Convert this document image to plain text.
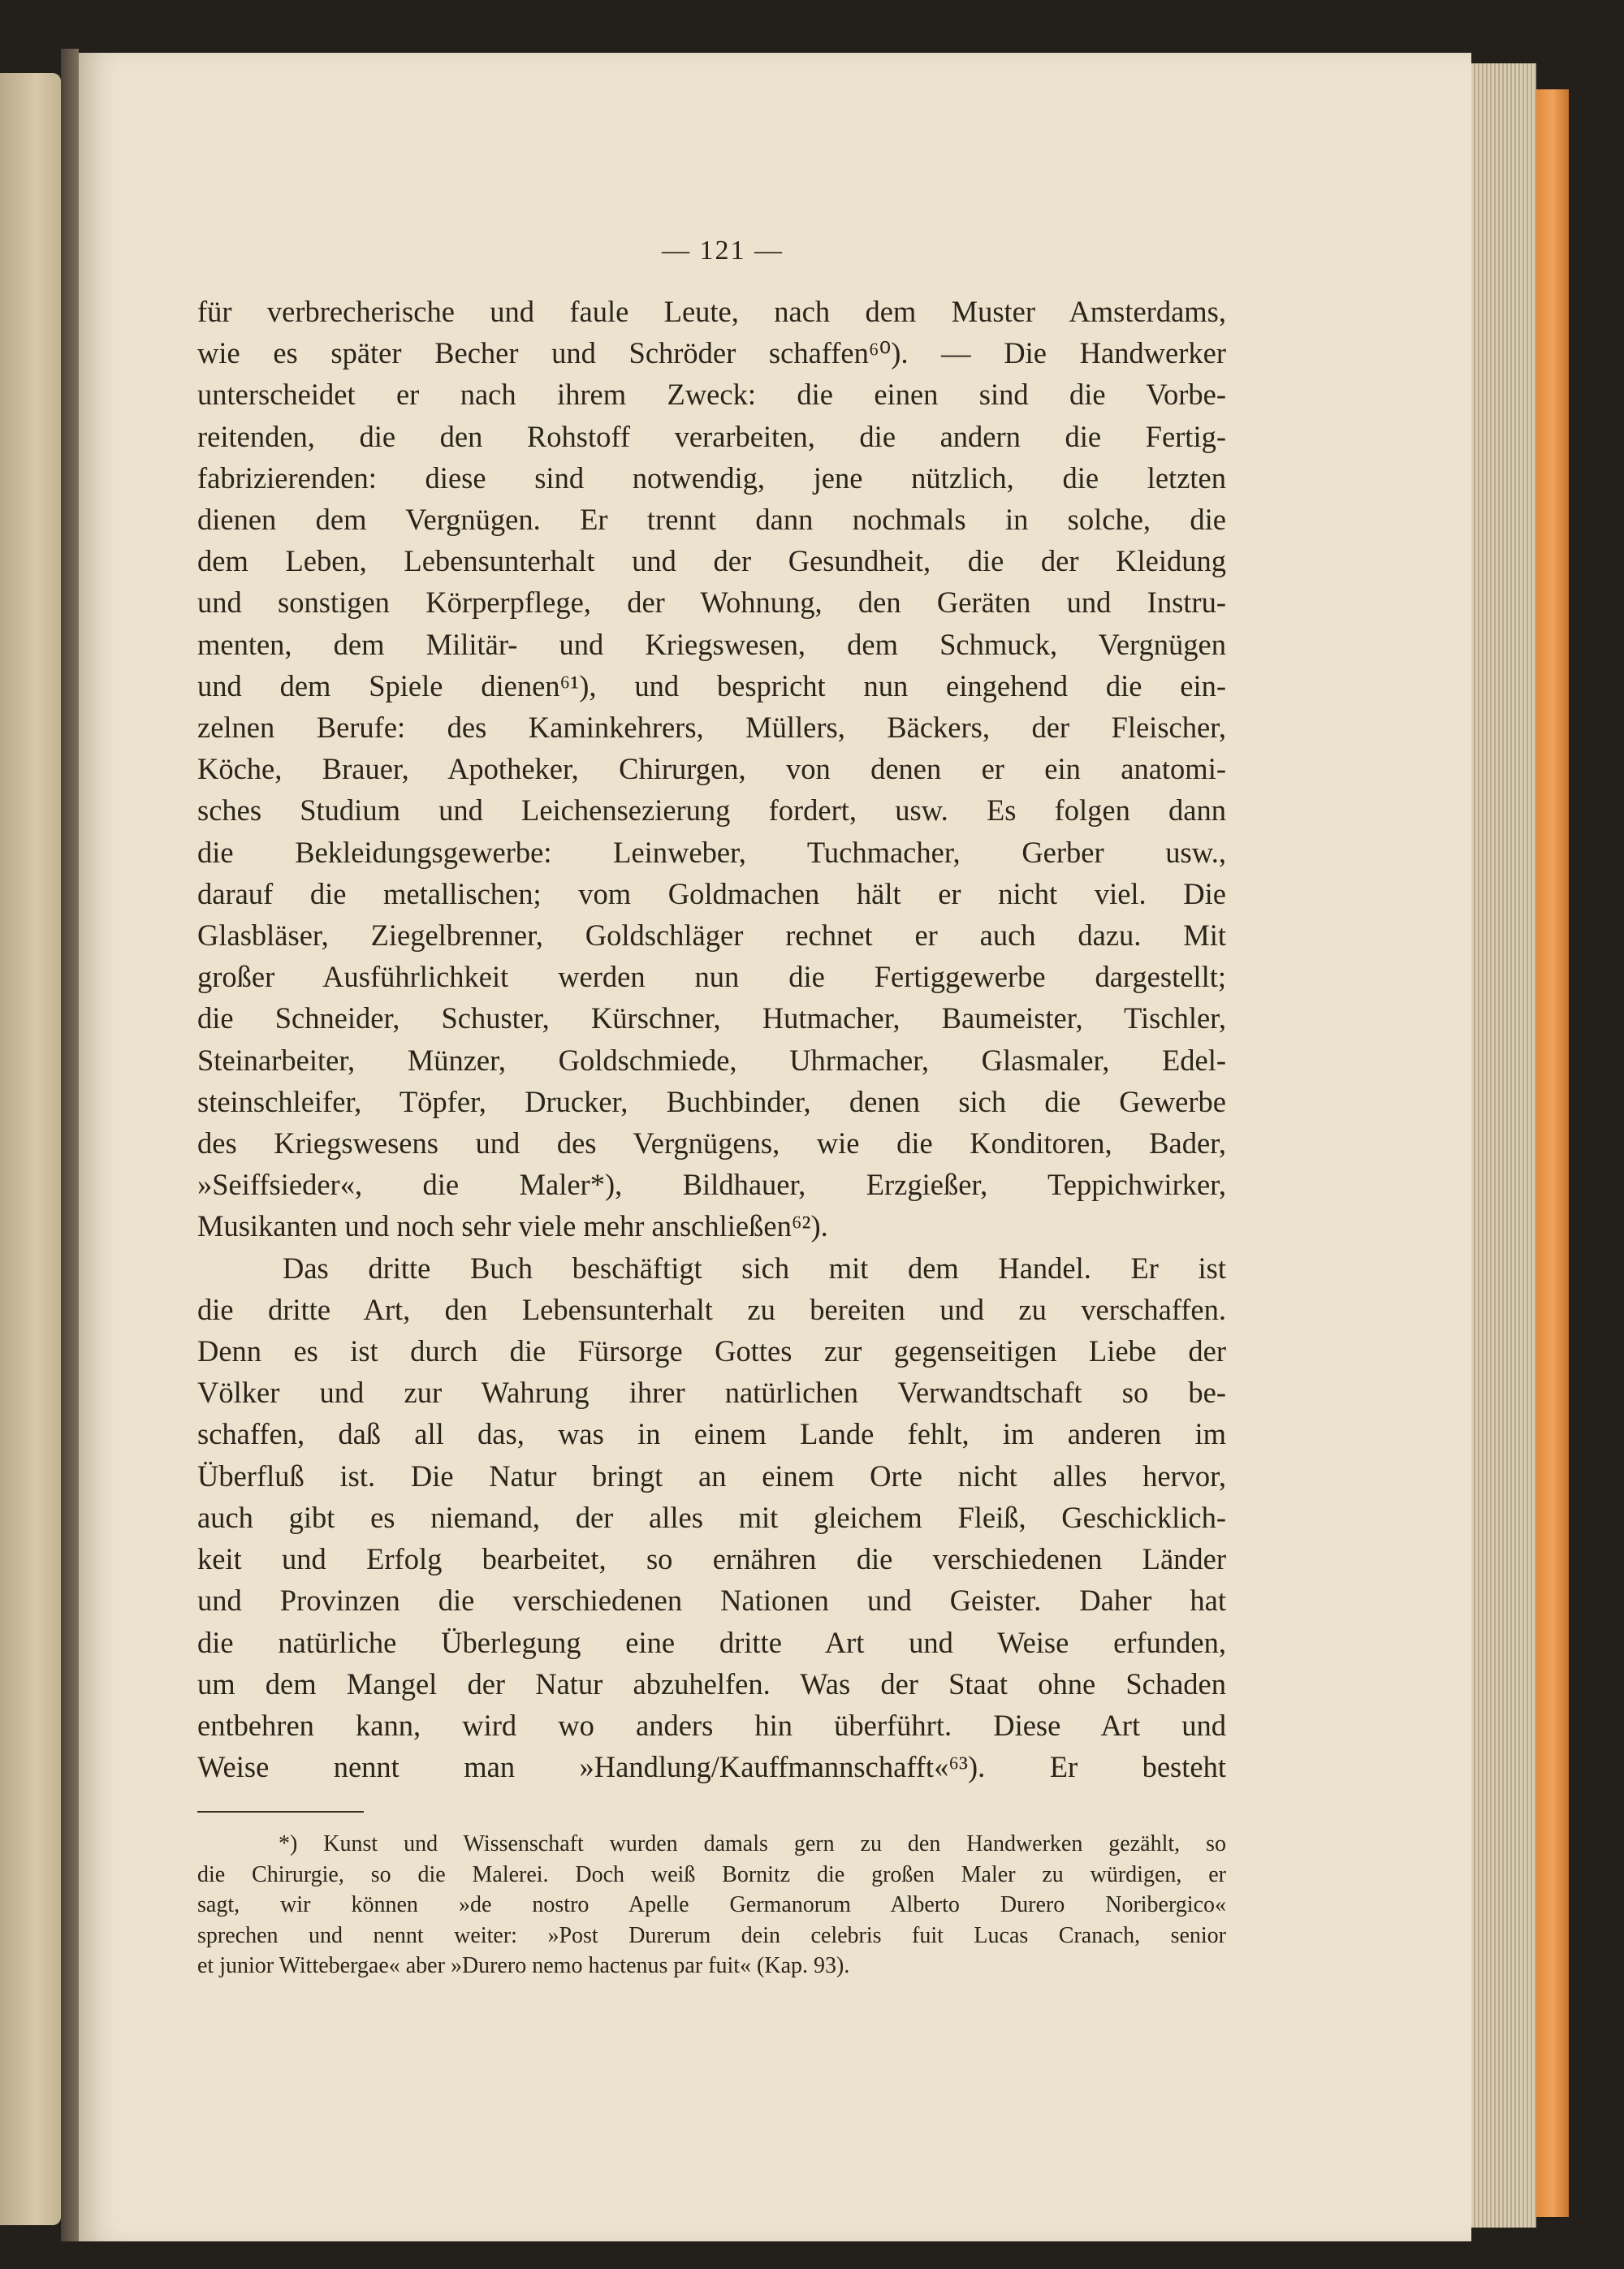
— 121 —

für verbrecherische und faule Leute, nach dem Muster Amsterdams,
wie es später Becher und Schröder schaffen⁶⁰). — Die Handwerker
unterscheidet er nach ihrem Zweck: die einen sind die Vorbe-
reitenden, die den Rohstoff verarbeiten, die andern die Fertig-
fabrizierenden: diese sind notwendig, jene nützlich, die letzten
dienen dem Vergnügen. Er trennt dann nochmals in solche, die
dem Leben, Lebensunterhalt und der Gesundheit, die der Kleidung
und sonstigen Körperpflege, der Wohnung, den Geräten und Instru-
menten, dem Militär- und Kriegswesen, dem Schmuck, Vergnügen
und dem Spiele dienen⁶¹), und bespricht nun eingehend die ein-
zelnen Berufe: des Kaminkehrers, Müllers, Bäckers, der Fleischer,
Köche, Brauer, Apotheker, Chirurgen, von denen er ein anatomi-
sches Studium und Leichensezierung fordert, usw. Es folgen dann
die Bekleidungsgewerbe: Leinweber, Tuchmacher, Gerber usw.,
darauf die metallischen; vom Goldmachen hält er nicht viel. Die
Glasbläser, Ziegelbrenner, Goldschläger rechnet er auch dazu. Mit
großer Ausführlichkeit werden nun die Fertiggewerbe dargestellt;
die Schneider, Schuster, Kürschner, Hutmacher, Baumeister, Tischler,
Steinarbeiter, Münzer, Goldschmiede, Uhrmacher, Glasmaler, Edel-
steinschleifer, Töpfer, Drucker, Buchbinder, denen sich die Gewerbe
des Kriegswesens und des Vergnügens, wie die Konditoren, Bader,
»Seiffsieder«, die Maler*), Bildhauer, Erzgießer, Teppichwirker,
Musikanten und noch sehr viele mehr anschließen⁶²).

Das dritte Buch beschäftigt sich mit dem Handel. Er ist
die dritte Art, den Lebensunterhalt zu bereiten und zu verschaffen.
Denn es ist durch die Fürsorge Gottes zur gegenseitigen Liebe der
Völker und zur Wahrung ihrer natürlichen Verwandtschaft so be-
schaffen, daß all das, was in einem Lande fehlt, im anderen im
Überfluß ist. Die Natur bringt an einem Orte nicht alles hervor,
auch gibt es niemand, der alles mit gleichem Fleiß, Geschicklich-
keit und Erfolg bearbeitet, so ernähren die verschiedenen Länder
und Provinzen die verschiedenen Nationen und Geister. Daher hat
die natürliche Überlegung eine dritte Art und Weise erfunden,
um dem Mangel der Natur abzuhelfen. Was der Staat ohne Schaden
entbehren kann, wird wo anders hin überführt. Diese Art und
Weise nennt man »Handlung/Kauffmannschafft«⁶³). Er besteht

*) Kunst und Wissenschaft wurden damals gern zu den Handwerken gezählt, so
die Chirurgie, so die Malerei. Doch weiß Bornitz die großen Maler zu würdigen, er
sagt, wir können »de nostro Apelle Germanorum Alberto Durero Noribergico«
sprechen und nennt weiter: »Post Durerum dein celebris fuit Lucas Cranach, senior
et junior Wittebergae« aber »Durero nemo hactenus par fuit« (Kap. 93).
